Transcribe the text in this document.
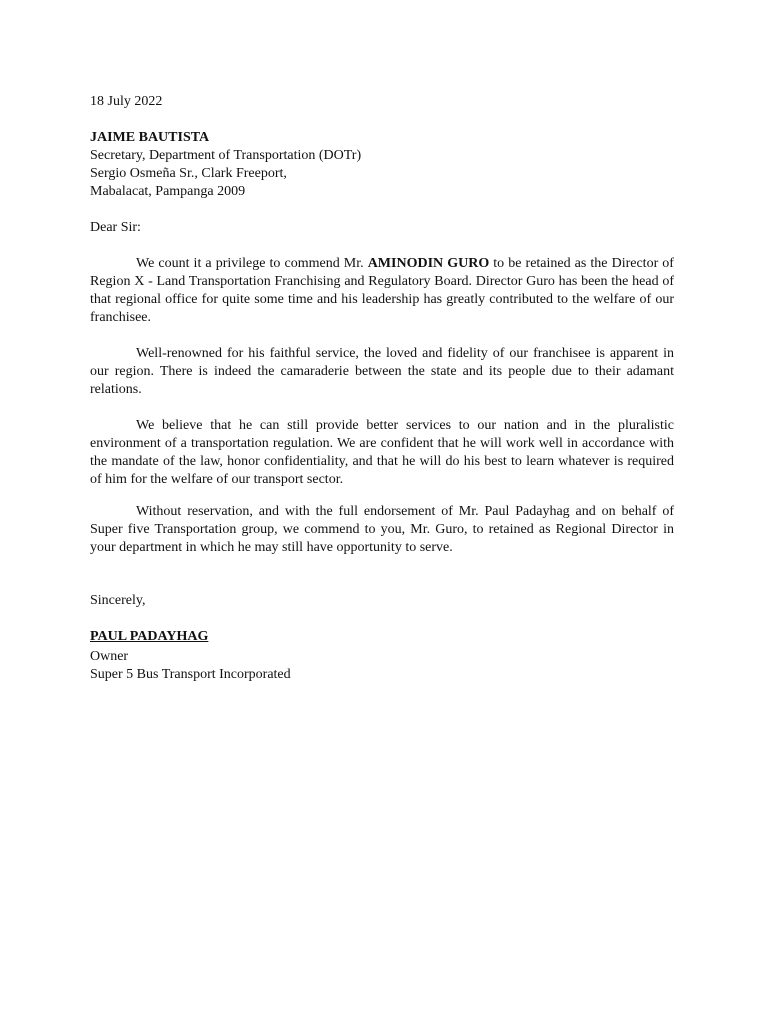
18 July 2022
JAIME BAUTISTA
Secretary, Department of Transportation (DOTr)
Sergio Osmeña Sr., Clark Freeport,
Mabalacat, Pampanga 2009
Dear Sir:

We count it a privilege to commend Mr. AMINODIN GURO to be retained as the Director of Region X - Land Transportation Franchising and Regulatory Board. Director Guro has been the head of that regional office for quite some time and his leadership has greatly contributed to the welfare of our franchisee.

Well-renowned for his faithful service, the loved and fidelity of our franchisee is apparent in our region. There is indeed the camaraderie between the state and its people due to their adamant relations.

We believe that he can still provide better services to our nation and in the pluralistic environment of a transportation regulation. We are confident that he will work well in accordance with the mandate of the law, honor confidentiality, and that he will do his best to learn whatever is required of him for the welfare of our transport sector.

Without reservation, and with the full endorsement of Mr. Paul Padayhag and on behalf of Super five Transportation group, we commend to you, Mr. Guro, to retained as Regional Director in your department in which he may still have opportunity to serve.

Sincerely,
PAUL PADAYHAG
Owner
Super 5 Bus Transport Incorporated
